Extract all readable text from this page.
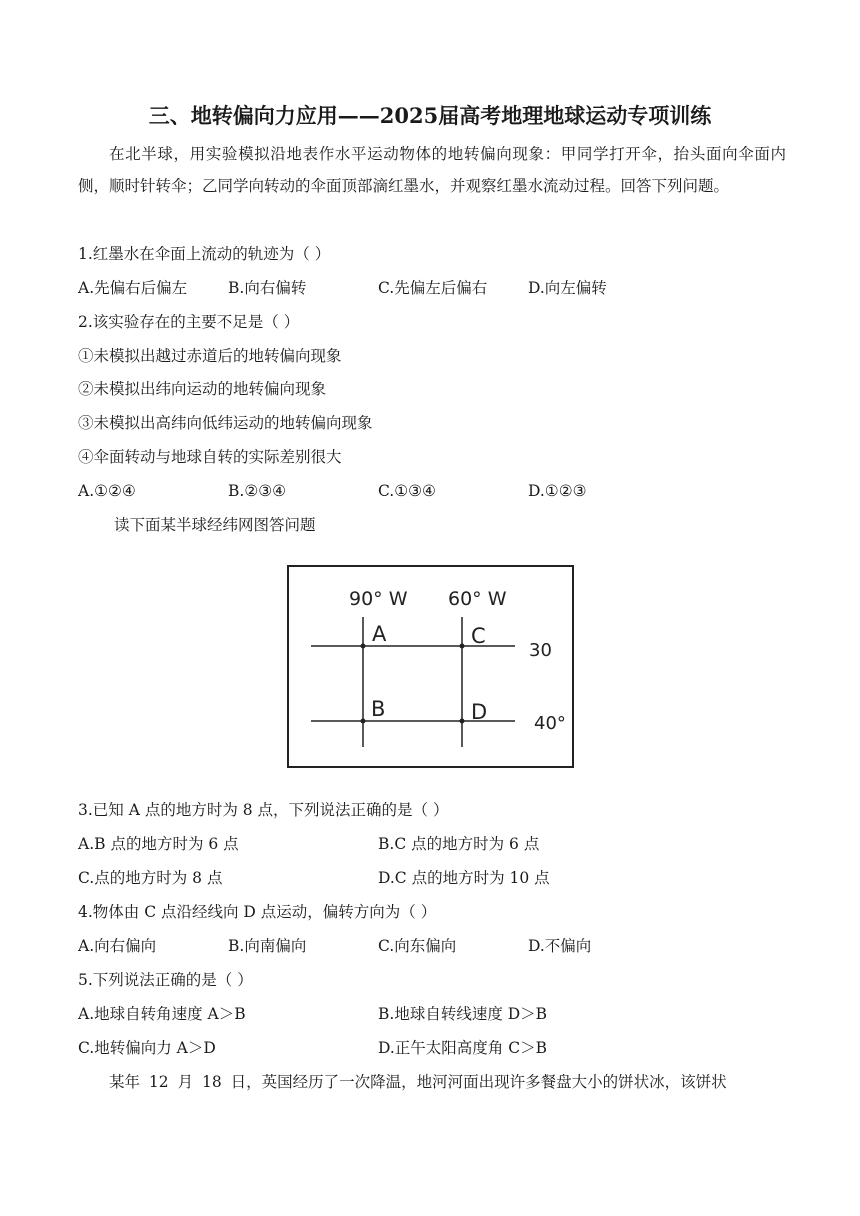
三、地转偏向力应用——2025届高考地理地球运动专项训练
在北半球，用实验模拟沿地表作水平运动物体的地转偏向现象：甲同学打开伞，抬头面向伞面内侧，顺时针转伞；乙同学向转动的伞面顶部滴红墨水，并观察红墨水流动过程。回答下列问题。
1.红墨水在伞面上流动的轨迹为（ ）
A.先偏右后偏左	B.向右偏转	C.先偏左后偏右	D.向左偏转
2.该实验存在的主要不足是（ ）
①未模拟出越过赤道后的地转偏向现象
②未模拟出纬向运动的地转偏向现象
③未模拟出高纬向低纬运动的地转偏向现象
④伞面转动与地球自转的实际差别很大
A.①②④	B.②③④	C.①③④	D.①②③
读下面某半球经纬网图答问题
90° W 60° W
A
B
C
D
30
40°
3.已知 A 点的地方时为 8 点，下列说法正确的是（ ）
A.B 点的地方时为 6 点	B.C 点的地方时为 6 点
C.点的地方时为 8 点	D.C 点的地方时为 10 点
4.物体由 C 点沿经线向 D 点运动，偏转方向为（ ）
A.向右偏向	B.向南偏向	C.向东偏向	D.不偏向
5.下列说法正确的是（ ）
A.地球自转角速度 A＞B	B.地球自转线速度 D＞B
C.地转偏向力 A＞D	D.正午太阳高度角 C＞B
某年 12 月 18 日，英国经历了一次降温，地河河面出现许多餐盘大小的饼状冰，该饼状
